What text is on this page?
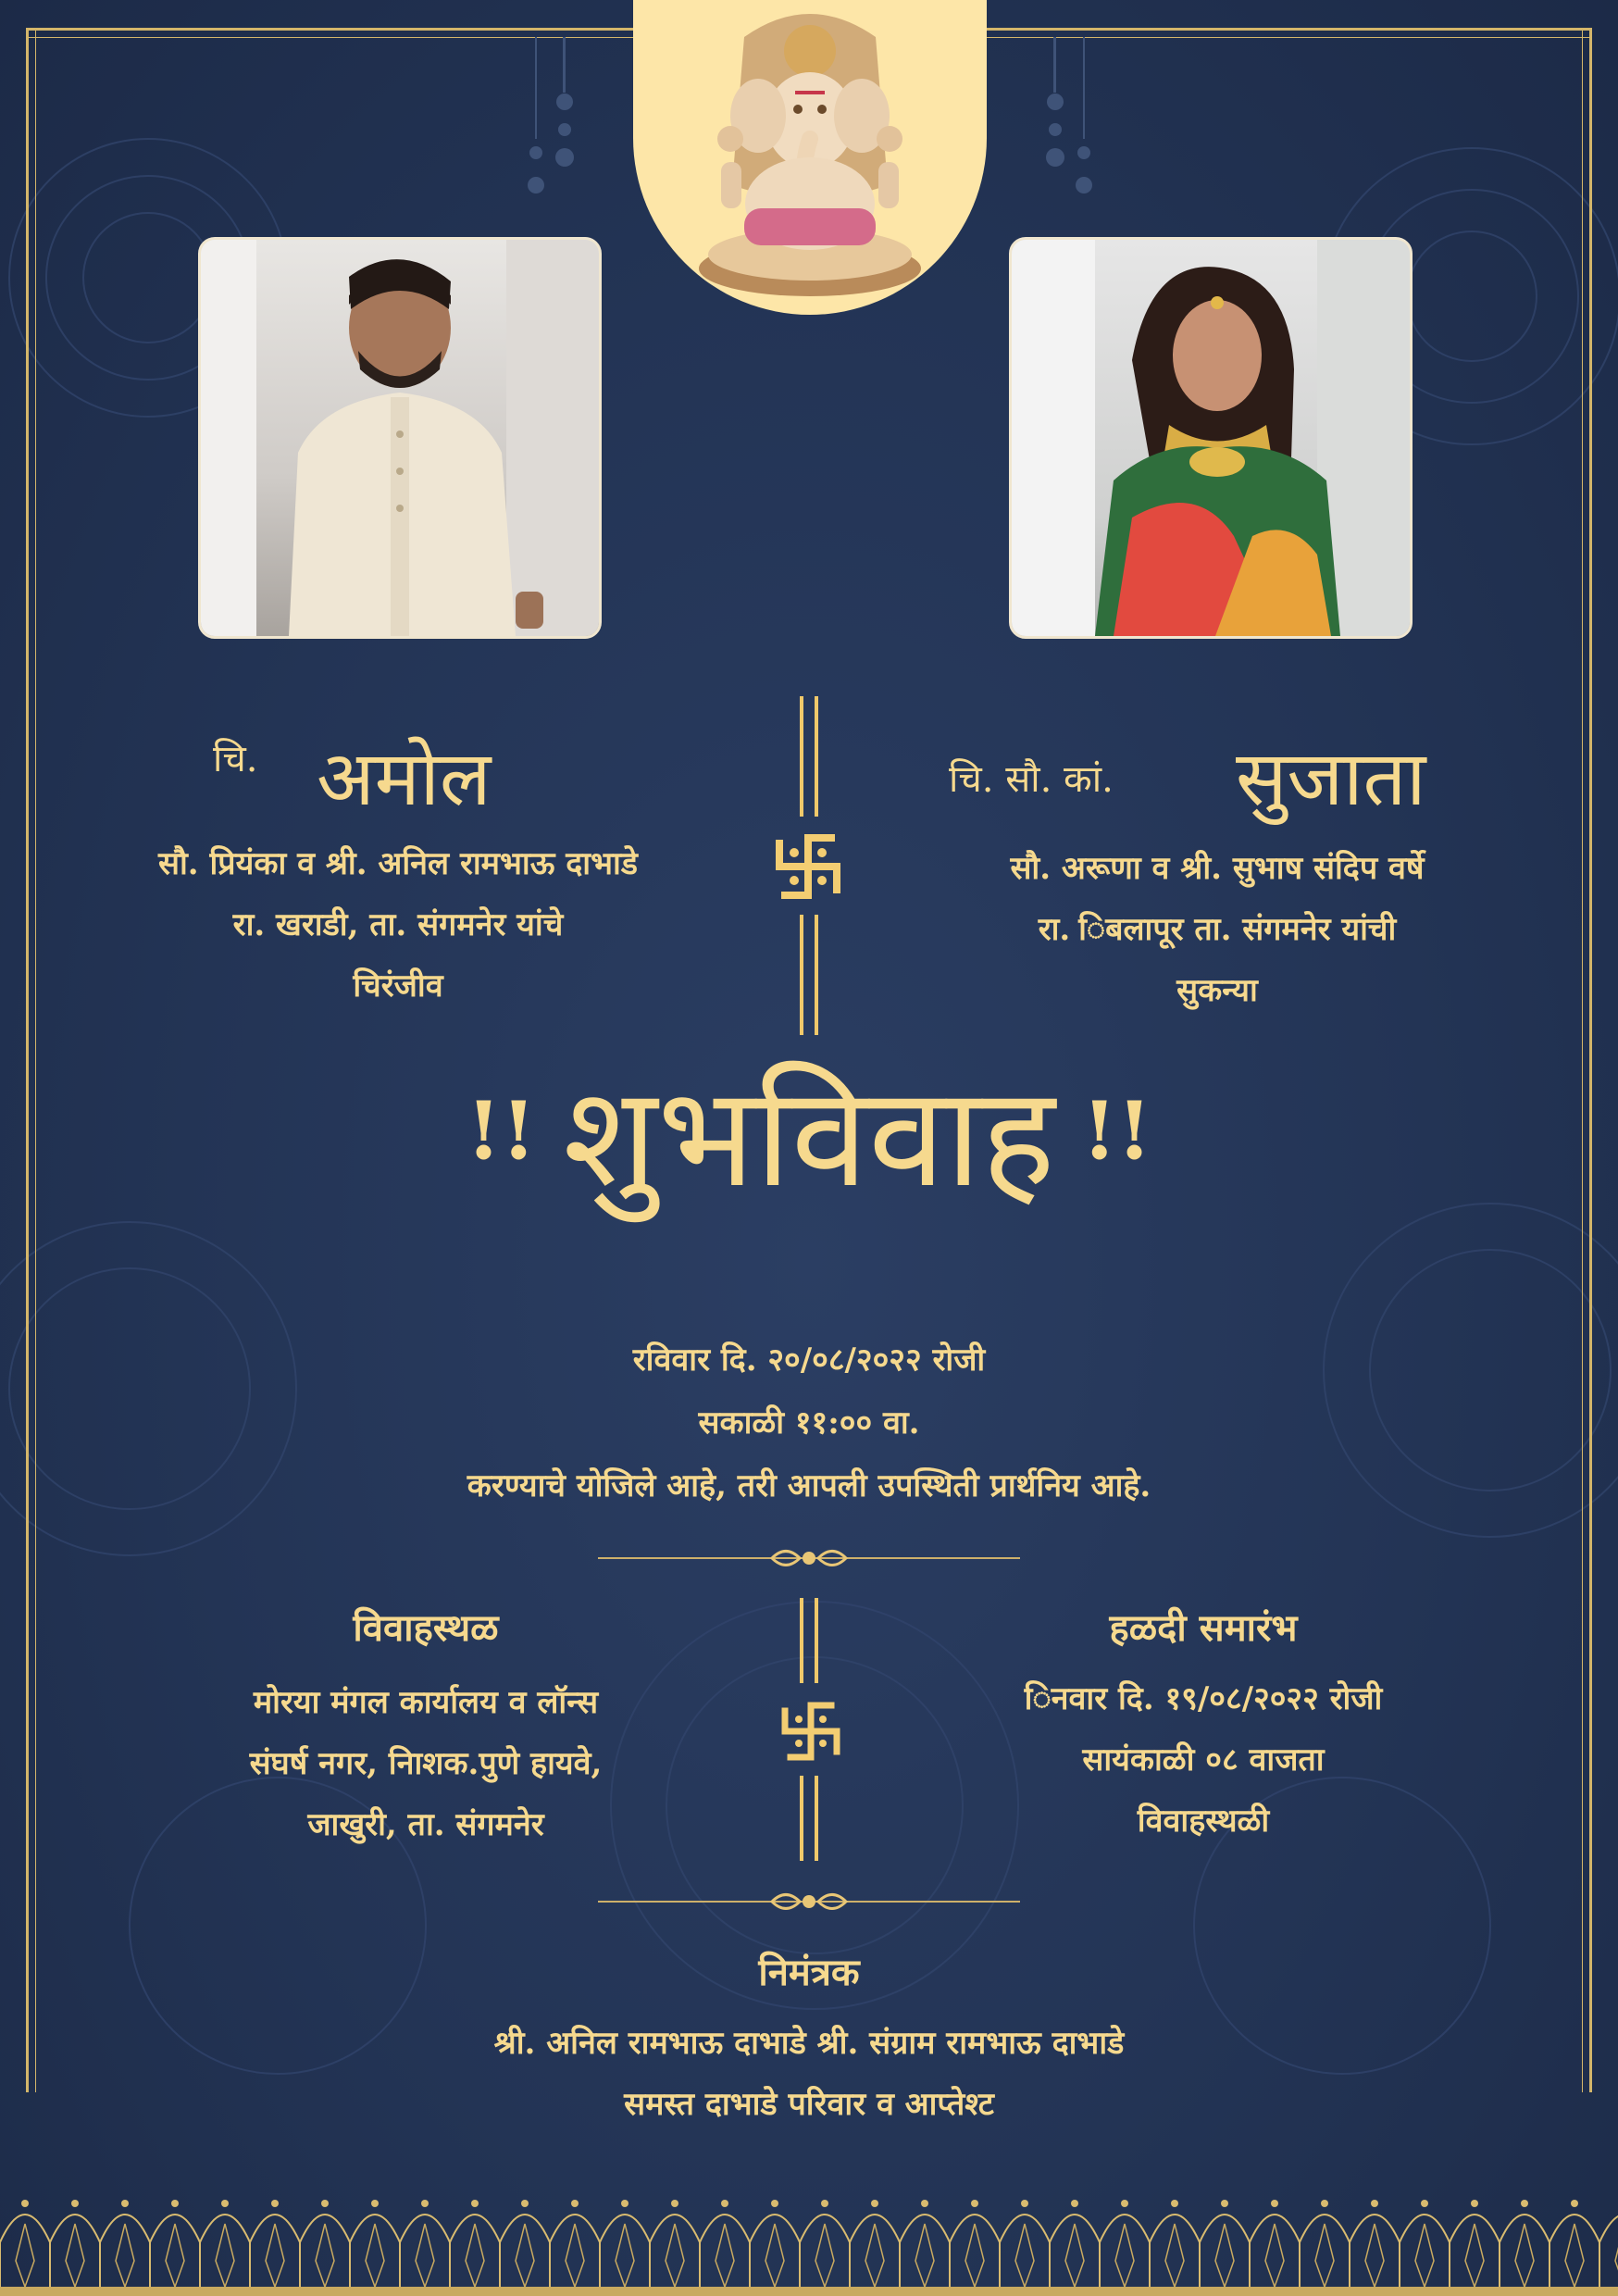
चि. अमोल
सौ. प्रियंका व श्री. अनिल रामभाऊ दाभाडे
रा. खराडी, ता. संगमनेर यांचे
चिरंजीव
चि. सौ. कां. सुजाता
सौ. अरूणा व श्री. सुभाष संदिप वर्षे
रा. िबलापूर ता. संगमनेर यांची
सुकन्या
!! शुभविवाह !!
रविवार दि. २०/०८/२०२२ रोजी
सकाळी ११:०० वा.
करण्याचे योजिले आहे, तरी आपली उपस्थिती प्रार्थनिय आहे.
विवाहस्थळ
मोरया मंगल कार्यालय व लॉन्स
संघर्ष नगर, नािशक.पुणे हायवे,
जाखुरी, ता. संगमनेर
हळदी समारंभ
िनवार दि. १९/०८/२०२२ रोजी
सायंकाळी ०८ वाजता
विवाहस्थळी
निमंत्रक
श्री. अनिल रामभाऊ दाभाडे श्री. संग्राम रामभाऊ दाभाडे
समस्त दाभाडे परिवार व आप्तेश्ट
